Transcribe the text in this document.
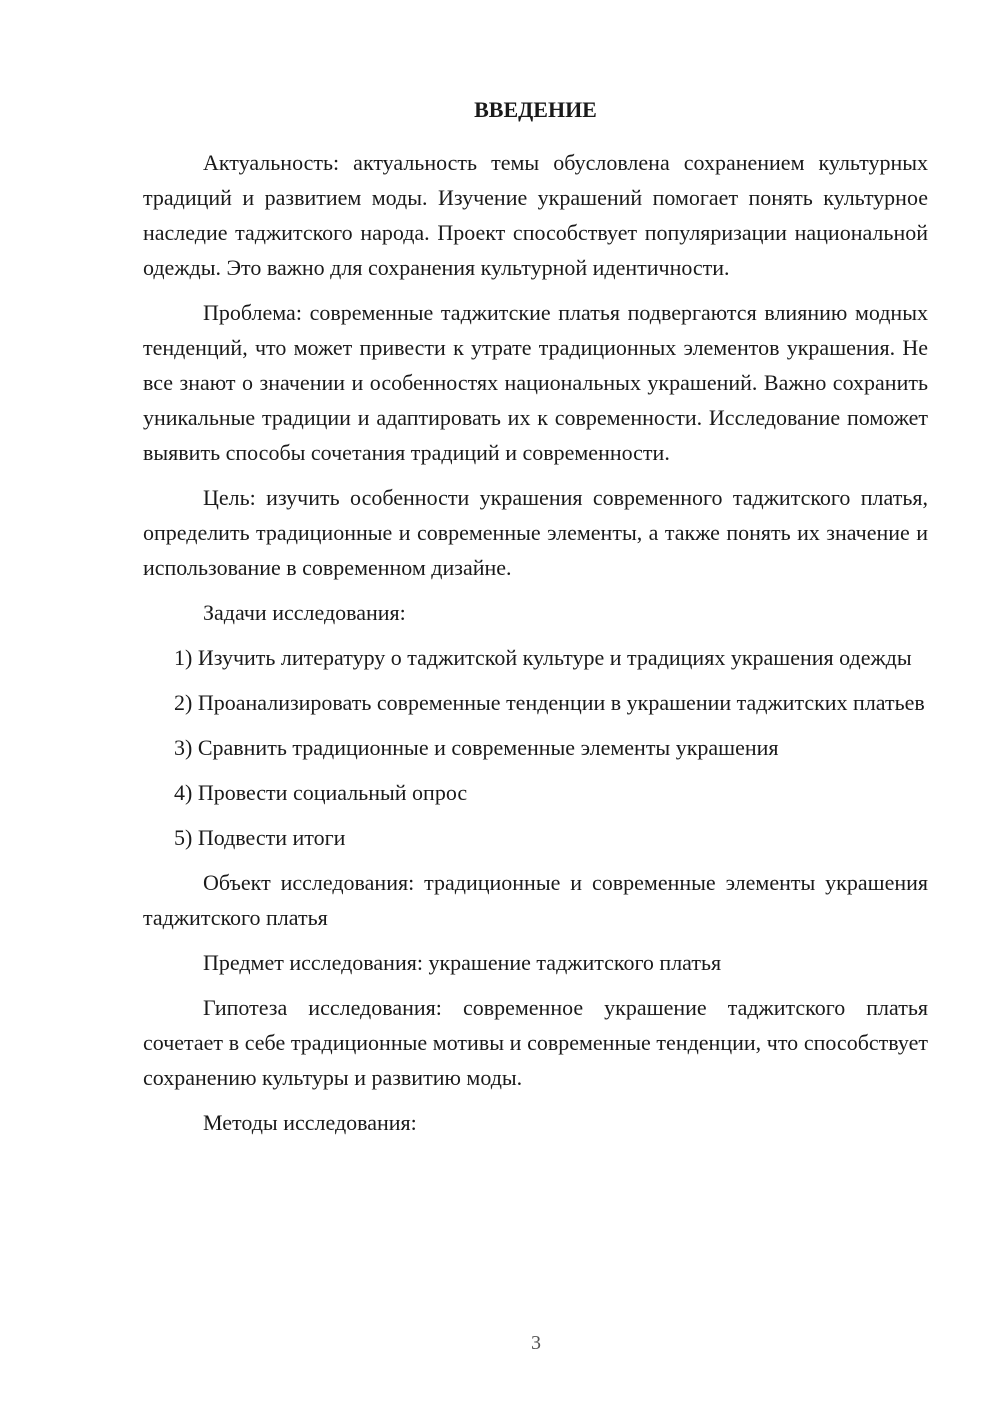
ВВЕДЕНИЕ

Актуальность: актуальность темы обусловлена сохранением культурных традиций и развитием моды. Изучение украшений помогает понять культурное наследие таджитского народа. Проект способствует популяризации национальной одежды. Это важно для сохранения культурной идентичности.

Проблема: современные таджитские платья подвергаются влиянию модных тенденций, что может привести к утрате традиционных элементов украшения. Не все знают о значении и особенностях национальных украшений. Важно сохранить уникальные традиции и адаптировать их к современности. Исследование поможет выявить способы сочетания традиций и современности.

Цель: изучить особенности украшения современного таджитского платья, определить традиционные и современные элементы, а также понять их значение и использование в современном дизайне.

Задачи исследования:

1) Изучить литературу о таджитской культуре и традициях украшения одежды

2) Проанализировать современные тенденции в украшении таджитских платьев

3) Сравнить традиционные и современные элементы украшения

4) Провести социальный опрос

5) Подвести итоги

Объект исследования: традиционные и современные элементы украшения таджитского платья

Предмет исследования: украшение таджитского платья

Гипотеза исследования: современное украшение таджитского платья сочетает в себе традиционные мотивы и современные тенденции, что способствует сохранению культуры и развитию моды.

Методы исследования:

3
